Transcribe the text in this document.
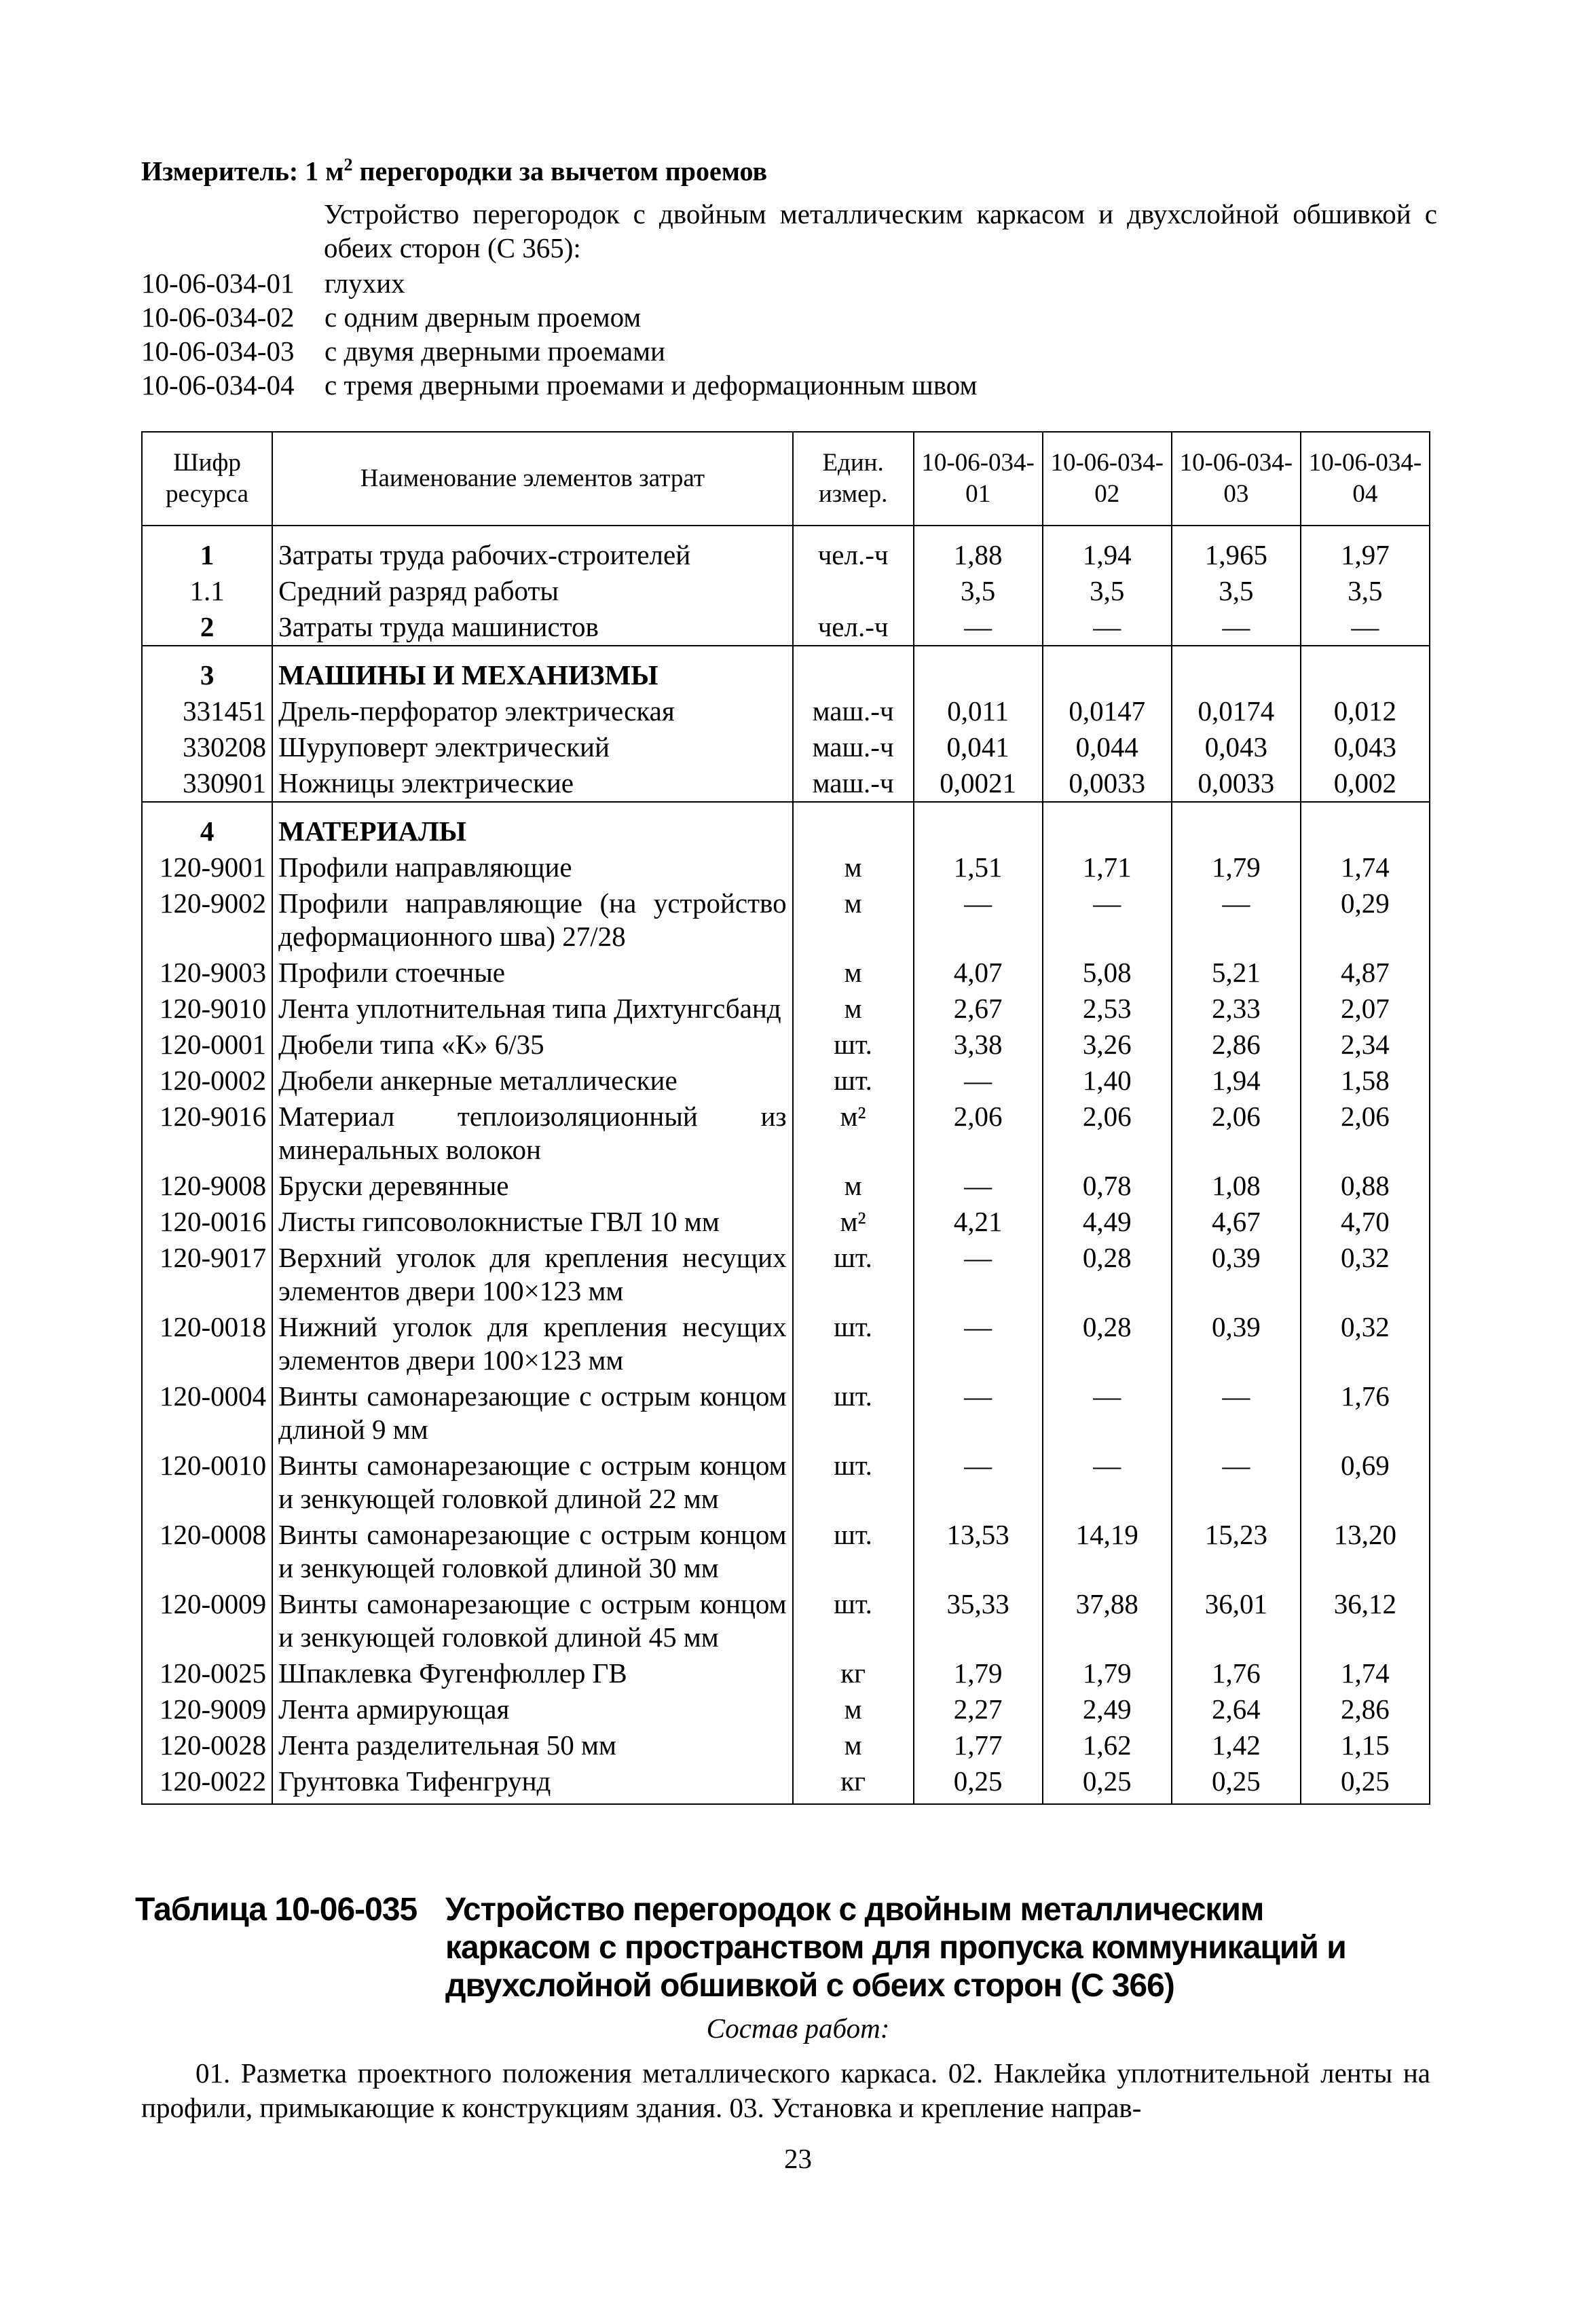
Измеритель: 1 $м^2$ перегородки за вычетом проемов
Устройство перегородок с двойным металлическим каркасом и двухслойной обшивкой с обеих сторон (С 365):
10-06-034-01 глухих
10-06-034-02 с одним дверным проемом
10-06-034-03 с двумя дверными проемами
10-06-034-04 с тремя дверными проемами и деформационным швом
Шифр ресурса	Наименование элементов затрат	Един. измер.	10-06-034-01	10-06-034-02	10-06-034-03	10-06-034-04
1	Затраты труда рабочих-строителей	чел.-ч	1,88	1,94	1,965	1,97
1.1	Средний разряд работы		3,5	3,5	3,5	3,5
2	Затраты труда машинистов	чел.-ч	—	—	—	—
3	МАШИНЫ И МЕХАНИЗМЫ					
331451	Дрель-перфоратор электрическая	маш.-ч	0,011	0,0147	0,0174	0,012
330208	Шуруповерт электрический	маш.-ч	0,041	0,044	0,043	0,043
330901	Ножницы электрические	маш.-ч	0,0021	0,0033	0,0033	0,002
4	МАТЕРИАЛЫ					
120-9001	Профили направляющие	м	1,51	1,71	1,79	1,74
120-9002	Профили направляющие (на устройство деформационного шва) 27/28	м	—	—	—	0,29
120-9003	Профили стоечные	м	4,07	5,08	5,21	4,87
120-9010	Лента уплотнительная типа Дихтунгсбанд	м	2,67	2,53	2,33	2,07
120-0001	Дюбели типа «К» 6/35	шт.	3,38	3,26	2,86	2,34
120-0002	Дюбели анкерные металлические	шт.	—	1,40	1,94	1,58
120-9016	Материал теплоизоляционный из минеральных волокон	м²	2,06	2,06	2,06	2,06
120-9008	Бруски деревянные	м	—	0,78	1,08	0,88
120-0016	Листы гипсоволокнистые ГВЛ 10 мм	м²	4,21	4,49	4,67	4,70
120-9017	Верхний уголок для крепления несущих элементов двери 100×123 мм	шт.	—	0,28	0,39	0,32
120-0018	Нижний уголок для крепления несущих элементов двери 100×123 мм	шт.	—	0,28	0,39	0,32
120-0004	Винты самонарезающие с острым концом длиной 9 мм	шт.	—	—	—	1,76
120-0010	Винты самонарезающие с острым концом и зенкующей головкой длиной 22 мм	шт.	—	—	—	0,69
120-0008	Винты самонарезающие с острым концом и зенкующей головкой длиной 30 мм	шт.	13,53	14,19	15,23	13,20
120-0009	Винты самонарезающие с острым концом и зенкующей головкой длиной 45 мм	шт.	35,33	37,88	36,01	36,12
120-0025	Шпаклевка Фугенфюллер ГВ	кг	1,79	1,79	1,76	1,74
120-9009	Лента армирующая	м	2,27	2,49	2,64	2,86
120-0028	Лента разделительная 50 мм	м	1,77	1,62	1,42	1,15
120-0022	Грунтовка Тифенгрунд	кг	0,25	0,25	0,25	0,25
Таблица 10-06-035 Устройство перегородок с двойным металлическим каркасом с пространством для пропуска коммуникаций и двухслойной обшивкой с обеих сторон (С 366)
Состав работ:
01. Разметка проектного положения металлического каркаса. 02. Наклейка уплотнительной ленты на профили, примыкающие к конструкциям здания. 03. Установка и крепление направ-
23
